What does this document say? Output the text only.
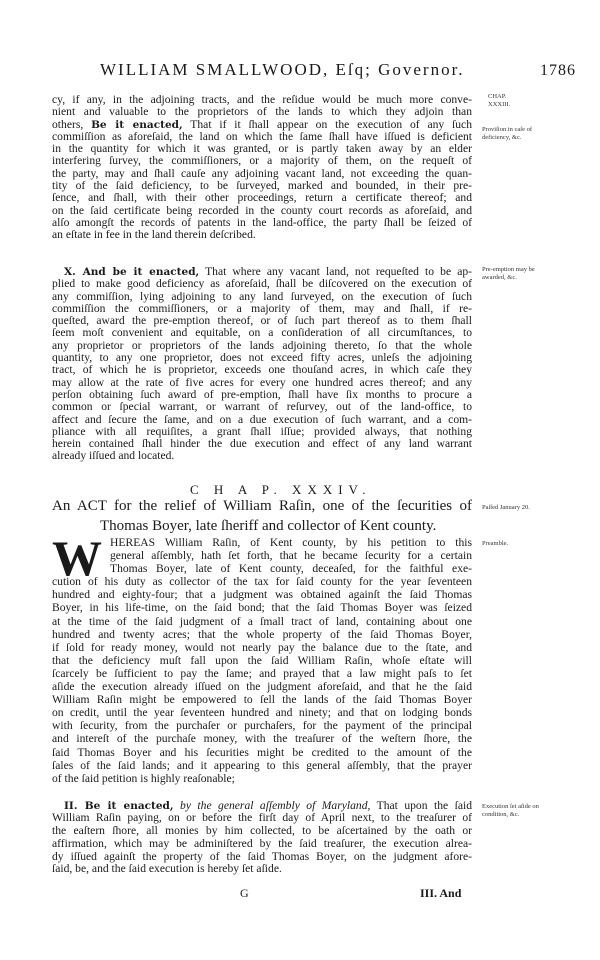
WILLIAM SMALLWOOD, Eſq; Governor.	1786
CHAP. XXXIII.
Proviſion in caſe of deficiency, &c.
cy, if any, in the adjoining tracts, and the reſidue would be much more conve-
nient and valuable to the proprietors of the lands to which they adjoin than
others, Be it enacted, That if it ſhall appear on the execution of any ſuch
commiſſion as aforeſaid, the land on which the ſame ſhall have iſſued is deficient
in the quantity for which it was granted, or is partly taken away by an elder
interfering ſurvey, the commiſſioners, or a majority of them, on the requeſt of
the party, may and ſhall cauſe any adjoining vacant land, not exceeding the quan-
tity of the ſaid deficiency, to be ſurveyed, marked and bounded, in their pre-
ſence, and ſhall, with their other proceedings, return a certificate thereof; and
on the ſaid certificate being recorded in the county court records as aforeſaid, and
alſo amongſt the records of patents in the land-office, the party ſhall be ſeized of
an eſtate in fee in the land therein deſcribed.
Pre-emption may be awarded, &c.
X. And be it enacted, That where any vacant land, not requeſted to be ap-
plied to make good deficiency as aforeſaid, ſhall be diſcovered on the execution of
any commiſſion, lying adjoining to any land ſurveyed, on the execution of ſuch
commiſſion the commiſſioners, or a majority of them, may and ſhall, if re-
queſted, award the pre-emption thereof, or of ſuch part thereof as to them ſhall
ſeem moſt convenient and equitable, on a conſideration of all circumſtances, to
any proprietor or proprietors of the lands adjoining thereto, ſo that the whole
quantity, to any one proprietor, does not exceed fifty acres, unleſs the adjoining
tract, of which he is proprietor, exceeds one thouſand acres, in which caſe they
may allow at the rate of five acres for every one hundred acres thereof; and any
perſon obtaining ſuch award of pre-emption, ſhall have ſix months to procure a
common or ſpecial warrant, or warrant of reſurvey, out of the land-office, to
affect and ſecure the ſame, and on a due execution of ſuch warrant, and a com-
pliance with all requiſites, a grant ſhall iſſue; provided always, that nothing
herein contained ſhall hinder the due execution and effect of any land warrant
already iſſued and located.
C H A P. XXXIV.
An ACT for the relief of William Raſin, one of the ſecurities of
Thomas Boyer, late ſheriff and collector of Kent county.
Paſſed January 20.
W	Preamble.
HEREAS William Raſin, of Kent county, by his petition to this
general aſſembly, hath ſet forth, that he became ſecurity for a certain
Thomas Boyer, late of Kent county, deceaſed, for the faithful exe-
cution of his duty as collector of the tax for ſaid county for the year ſeventeen
hundred and eighty-four; that a judgment was obtained againſt the ſaid Thomas
Boyer, in his life-time, on the ſaid bond; that the ſaid Thomas Boyer was ſeized
at the time of the ſaid judgment of a ſmall tract of land, containing about one
hundred and twenty acres; that the whole property of the ſaid Thomas Boyer,
if ſold for ready money, would not nearly pay the balance due to the ſtate, and
that the deficiency muſt fall upon the ſaid William Raſin, whoſe eſtate will
ſcarcely be ſufficient to pay the ſame; and prayed that a law might paſs to ſet
aſide the execution already iſſued on the judgment aforeſaid, and that he the ſaid
William Raſin might be empowered to ſell the lands of the ſaid Thomas Boyer
on credit, until the year ſeventeen hundred and ninety; and that on lodging bonds
with ſecurity, from the purchaſer or purchaſers, for the payment of the principal
and intereſt of the purchaſe money, with the treaſurer of the weſtern ſhore, the
ſaid Thomas Boyer and his ſecurities might be credited to the amount of the
ſales of the ſaid lands; and it appearing to this general aſſembly, that the prayer
of the ſaid petition is highly reaſonable;
Execution ſet aſide on condition, &c.
II. Be it enacted, by the general aſſembly of Maryland, That upon the ſaid
William Raſin paying, on or before the firſt day of April next, to the treaſurer of
the eaſtern ſhore, all monies by him collected, to be aſcertained by the oath or
affirmation, which may be adminiſtered by the ſaid treaſurer, the execution alrea-
dy iſſued againſt the property of the ſaid Thomas Boyer, on the judgment afore-
ſaid, be, and the ſaid execution is hereby ſet aſide.
G	III. And
